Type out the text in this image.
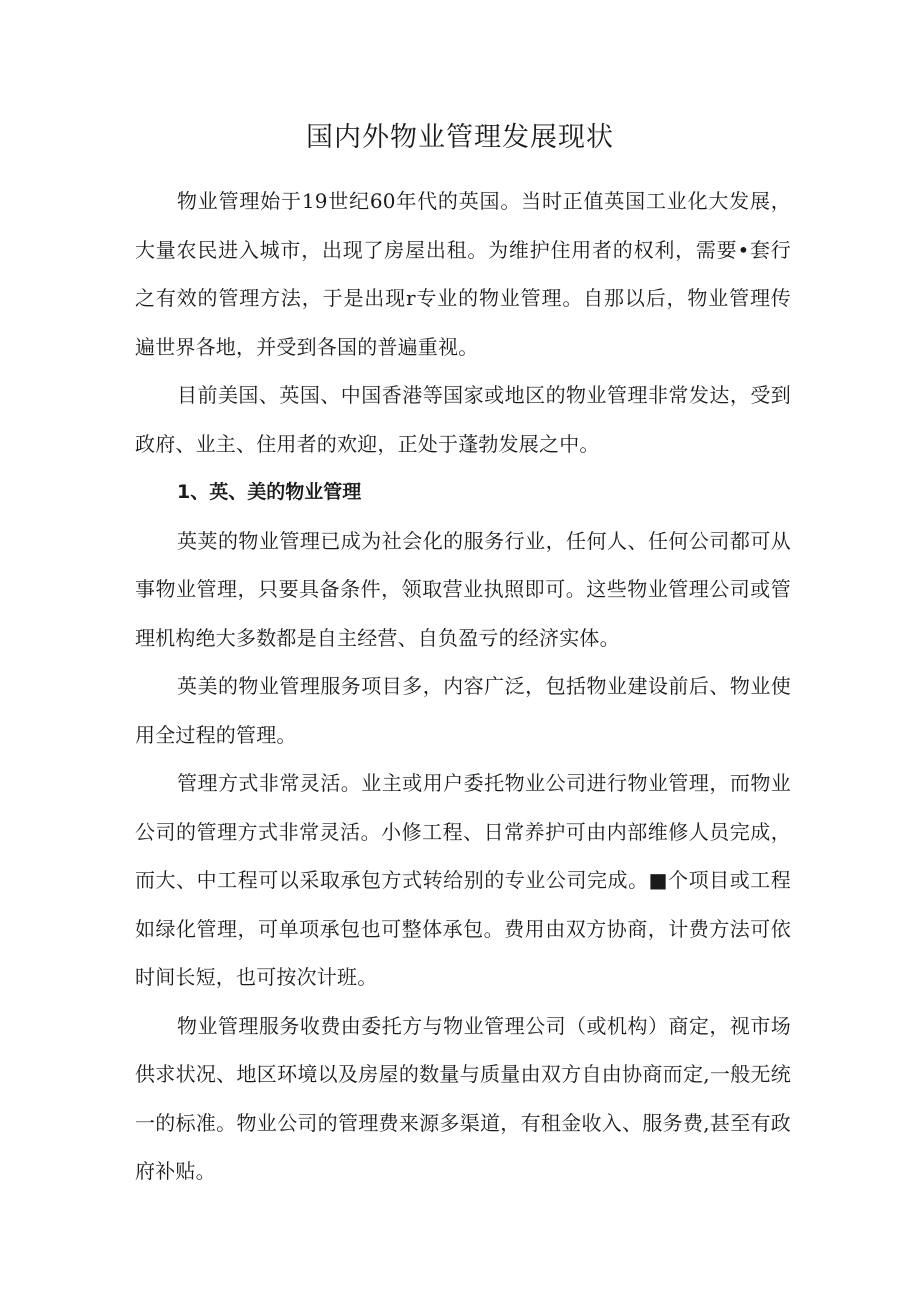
国内外物业管理发展现状

物业管理始于19世纪60年代的英国。当时正值英国工业化大发展，大量农民进入城市，出现了房屋出租。为维护住用者的权利，需要•套行之有效的管理方法，于是出现r专业的物业管理。自那以后，物业管理传遍世界各地，并受到各国的普遍重视。

目前美国、英国、中国香港等国家或地区的物业管理非常发达，受到政府、业主、住用者的欢迎，正处于蓬勃发展之中。

1、英、美的物业管理

英荚的物业管理已成为社会化的服务行业，任何人、任何公司都可从事物业管理，只要具备条件，领取营业执照即可。这些物业管理公司或管理机构绝大多数都是自主经营、自负盈亏的经济实体。

英美的物业管理服务项目多，内容广泛，包括物业建设前后、物业使用全过程的管理。

管理方式非常灵活。业主或用户委托物业公司进行物业管理，而物业公司的管理方式非常灵活。小修工程、日常养护可由内部维修人员完成，而大、中工程可以采取承包方式转给别的专业公司完成。■个项目或工程如绿化管理，可单项承包也可整体承包。费用由双方协商，计费方法可依时间长短，也可按次计班。

物业管理服务收费由委托方与物业管理公司（或机构）商定，视市场供求状况、地区环境以及房屋的数量与质量由双方自由协商而定,一般无统一的标准。物业公司的管理费来源多渠道，有租金收入、服务费,甚至有政府补贴。
